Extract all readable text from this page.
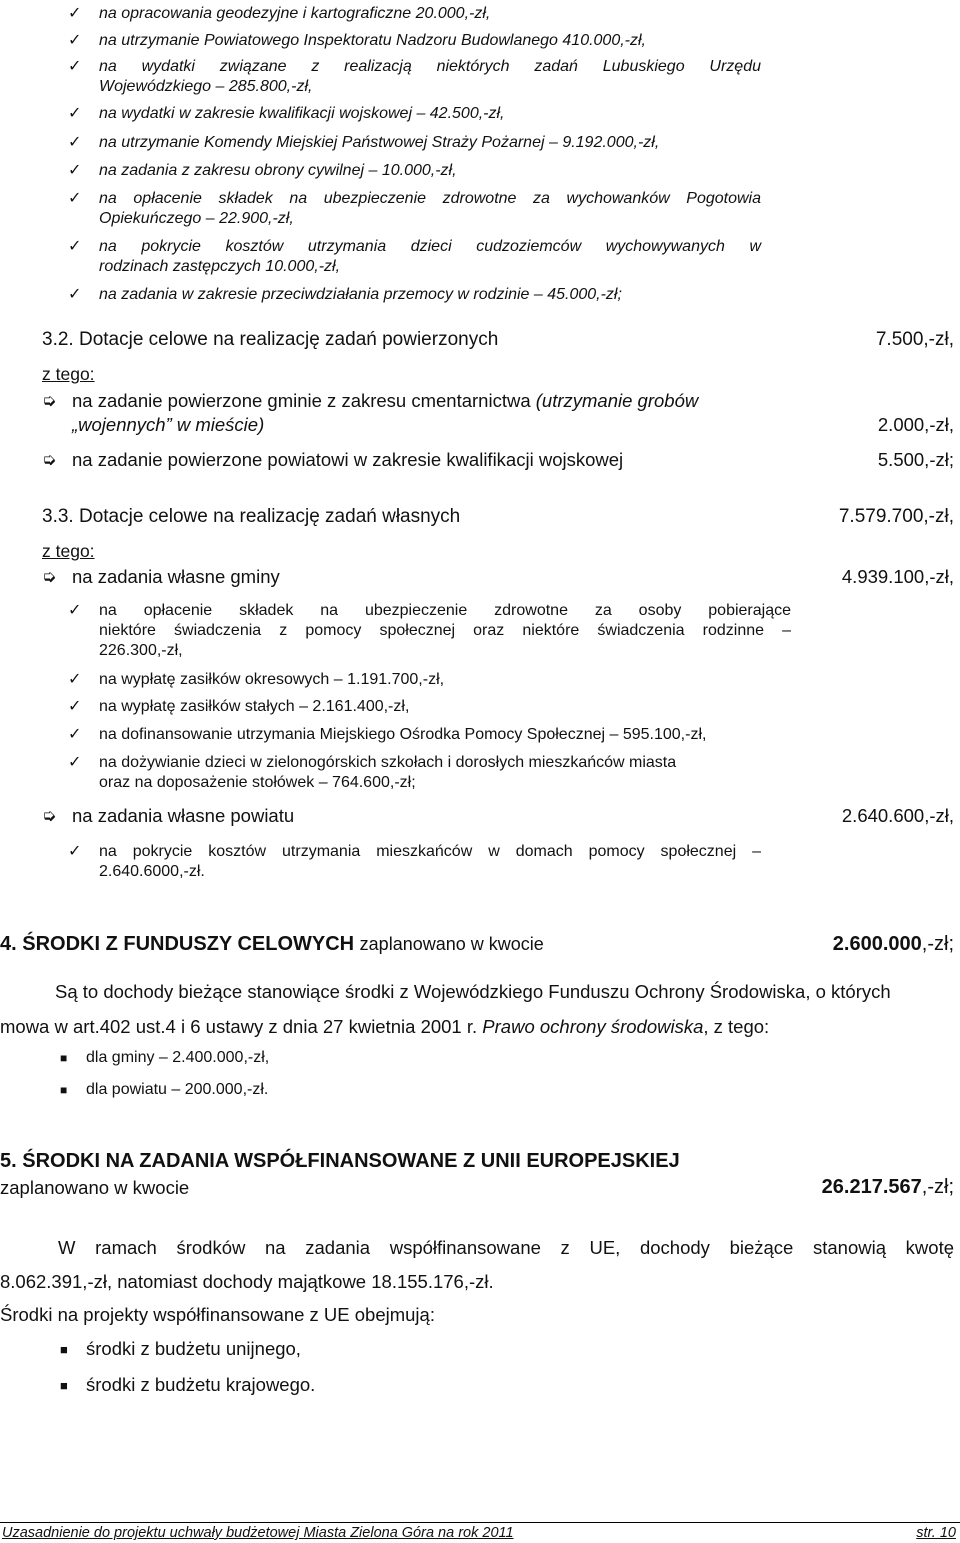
✓ na opracowania geodezyjne i kartograficzne 20.000,-zł,
✓ na utrzymanie Powiatowego Inspektoratu Nadzoru Budowlanego 410.000,-zł,
✓ na wydatki związane z realizacją niektórych zadań Lubuskiego Urzędu
Wojewódzkiego – 285.800,-zł,
✓ na wydatki w zakresie kwalifikacji wojskowej – 42.500,-zł,
✓ na utrzymanie Komendy Miejskiej Państwowej Straży Pożarnej – 9.192.000,-zł,
✓ na zadania z zakresu obrony cywilnej – 10.000,-zł,
✓ na opłacenie składek na ubezpieczenie zdrowotne za wychowanków Pogotowia
Opiekuńczego – 22.900,-zł,
✓ na pokrycie kosztów utrzymania dzieci cudzoziemców wychowywanych w
rodzinach zastępczych 10.000,-zł,
✓ na zadania w zakresie przeciwdziałania przemocy w rodzinie – 45.000,-zł;
3.2. Dotacje celowe na realizację zadań powierzonych	7.500,-zł,
z tego:
➭ na zadanie powierzone gminie z zakresu cmentarnictwa (utrzymanie grobów
„wojennych” w mieście)	2.000,-zł,
➭ na zadanie powierzone powiatowi w zakresie kwalifikacji wojskowej	5.500,-zł;
3.3. Dotacje celowe na realizację zadań własnych	7.579.700,-zł,
z tego:
➭ na zadania własne gminy	4.939.100,-zł,
✓ na opłacenie składek na ubezpieczenie zdrowotne za osoby pobierające
niektóre świadczenia z pomocy społecznej oraz niektóre świadczenia rodzinne –
226.300,-zł,
✓ na wypłatę zasiłków okresowych – 1.191.700,-zł,
✓ na wypłatę zasiłków stałych – 2.161.400,-zł,
✓ na dofinansowanie utrzymania Miejskiego Ośrodka Pomocy Społecznej – 595.100,-zł,
✓ na dożywianie dzieci w zielonogórskich szkołach i dorosłych mieszkańców miasta
oraz na doposażenie stołówek – 764.600,-zł;
➭ na zadania własne powiatu	2.640.600,-zł,
✓ na pokrycie kosztów utrzymania mieszkańców w domach pomocy społecznej –
2.640.6000,-zł.
4. ŚRODKI Z FUNDUSZY CELOWYCH zaplanowano w kwocie	2.600.000,-zł;
Są to dochody bieżące stanowiące środki z Wojewódzkiego Funduszu Ochrony Środowiska, o których
mowa w art.402 ust.4 i 6 ustawy z dnia 27 kwietnia 2001 r. Prawo ochrony środowiska, z tego:
■ dla gminy – 2.400.000,-zł,
■ dla powiatu – 200.000,-zł.
5. ŚRODKI NA ZADANIA WSPÓŁFINANSOWANE Z UNII EUROPEJSKIEJ
zaplanowano w kwocie	26.217.567,-zł;
W ramach środków na zadania współfinansowane z UE, dochody bieżące stanowią kwotę
8.062.391,-zł, natomiast dochody majątkowe 18.155.176,-zł.
Środki na projekty współfinansowane z UE obejmują:
■ środki z budżetu unijnego,
■ środki z budżetu krajowego.
Uzasadnienie do projektu uchwały budżetowej Miasta Zielona Góra na rok 2011	str. 10
